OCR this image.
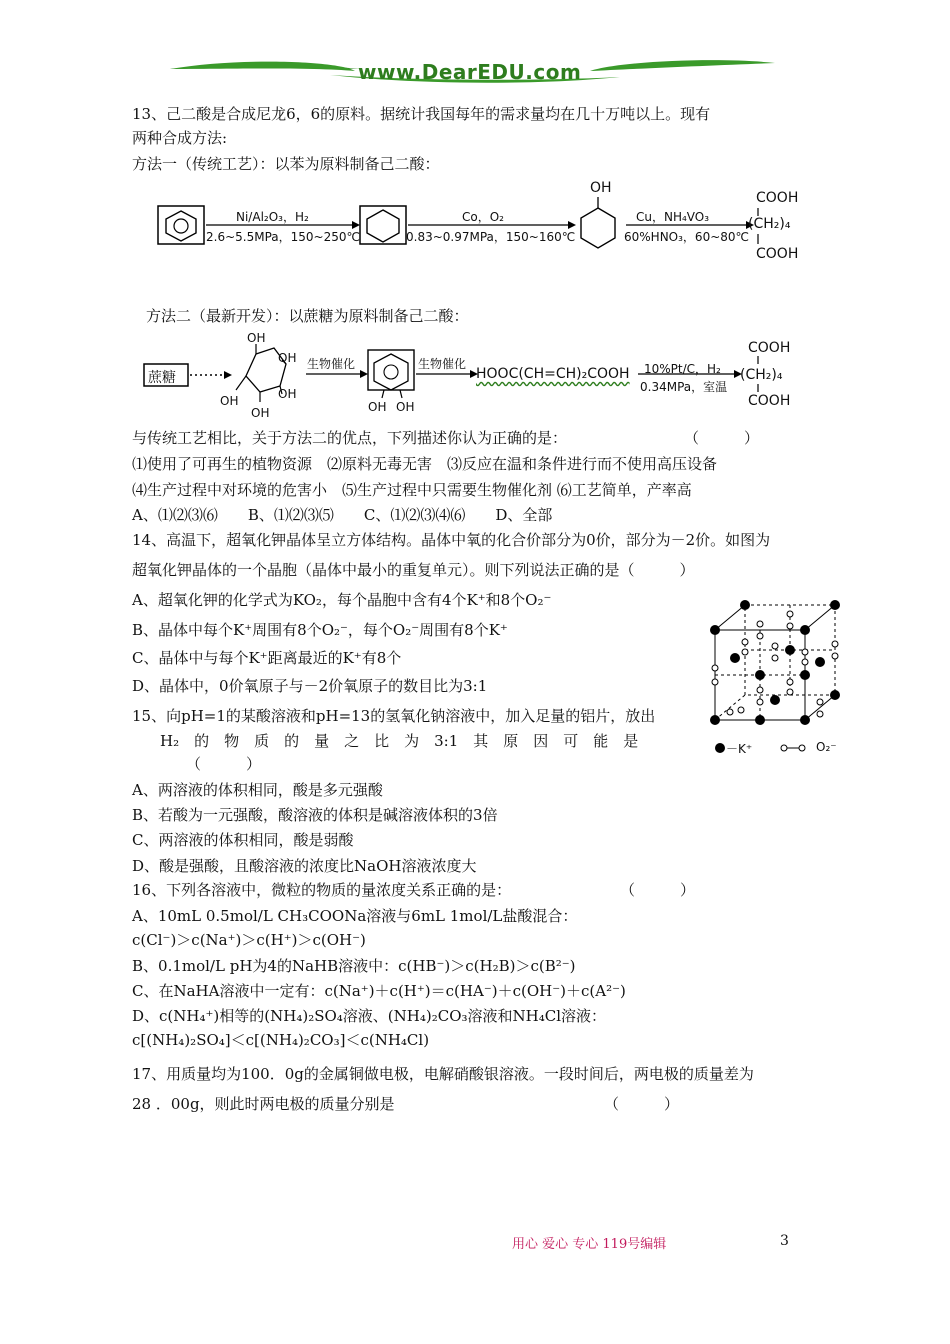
www.DearEDU.com
13、己二酸是合成尼龙6，6的原料。据统计我国每年的需求量均在几十万吨以上。现有
两种合成方法:
方法一（传统工艺）：以苯为原料制备己二酸：
Ni/Al₂O₃，H₂
2.6~5.5MPa，150~250℃
Co，O₂
0.83~0.97MPa，150~160℃
OH
Cu，NH₄VO₃
60%HNO₃，60~80℃
COOH
(CH₂)₄
COOH
方法二（最新开发）：以蔗糖为原料制备己二酸：
蔗糖
OH
OH
OH
OH
OH
生物催化
OH OH
生物催化
HOOC(CH=CH)₂COOH 10%Pt/C，H₂
0.34MPa，室温
COOH
(CH₂)₄
COOH
与传统工艺相比，关于方法二的优点，下列描述你认为正确的是：	（　　　）
⑴使用了可再生的植物资源　⑵原料无毒无害　⑶反应在温和条件进行而不使用高压设备
⑷生产过程中对环境的危害小　⑸生产过程中只需要生物催化剂 ⑹工艺简单，产率高
A、⑴⑵⑶⑹　　B、⑴⑵⑶⑸　　C、⑴⑵⑶⑷⑹　　D、全部
14、高温下，超氧化钾晶体呈立方体结构。晶体中氧的化合价部分为0价，部分为－2价。如图为
超氧化钾晶体的一个晶胞（晶体中最小的重复单元）。则下列说法正确的是（　　　）
A、超氧化钾的化学式为KO₂，每个晶胞中含有4个K⁺和8个O₂⁻
B、晶体中每个K⁺周围有8个O₂⁻，每个O₂⁻周围有8个K⁺
C、晶体中与每个K⁺距离最近的K⁺有8个
D、晶体中，0价氧原子与－2价氧原子的数目比为3:1
－K⁺	O₂⁻
15、向pH=1的某酸溶液和pH=13的氢氧化钠溶液中，加入足量的铝片，放出
H₂　的　物　质　的　量　之　比　为　3:1　其　原　因　可　能　是
（　　　）
A、两溶液的体积相同，酸是多元强酸
B、若酸为一元强酸，酸溶液的体积是碱溶液体积的3倍
C、两溶液的体积相同，酸是弱酸
D、酸是强酸，且酸溶液的浓度比NaOH溶液浓度大
16、下列各溶液中，微粒的物质的量浓度关系正确的是：	（　　　）
A、10mL 0.5mol/L CH₃COONa溶液与6mL 1mol/L盐酸混合：
c(Cl⁻)＞c(Na⁺)＞c(H⁺)＞c(OH⁻)
B、0.1mol/L pH为4的NaHB溶液中：c(HB⁻)＞c(H₂B)＞c(B²⁻)
C、在NaHA溶液中一定有：c(Na⁺)＋c(H⁺)＝c(HA⁻)＋c(OH⁻)＋c(A²⁻)
D、c(NH₄⁺)相等的(NH₄)₂SO₄溶液、(NH₄)₂CO₃溶液和NH₄Cl溶液：
c[(NH₄)₂SO₄]＜c[(NH₄)₂CO₃]＜c(NH₄Cl)
17、用质量均为100．0g的金属铜做电极，电解硝酸银溶液。一段时间后，两电极的质量差为
28 ．00g，则此时两电极的质量分别是	（　　　）
用心 爱心 专心 119号编辑	3
